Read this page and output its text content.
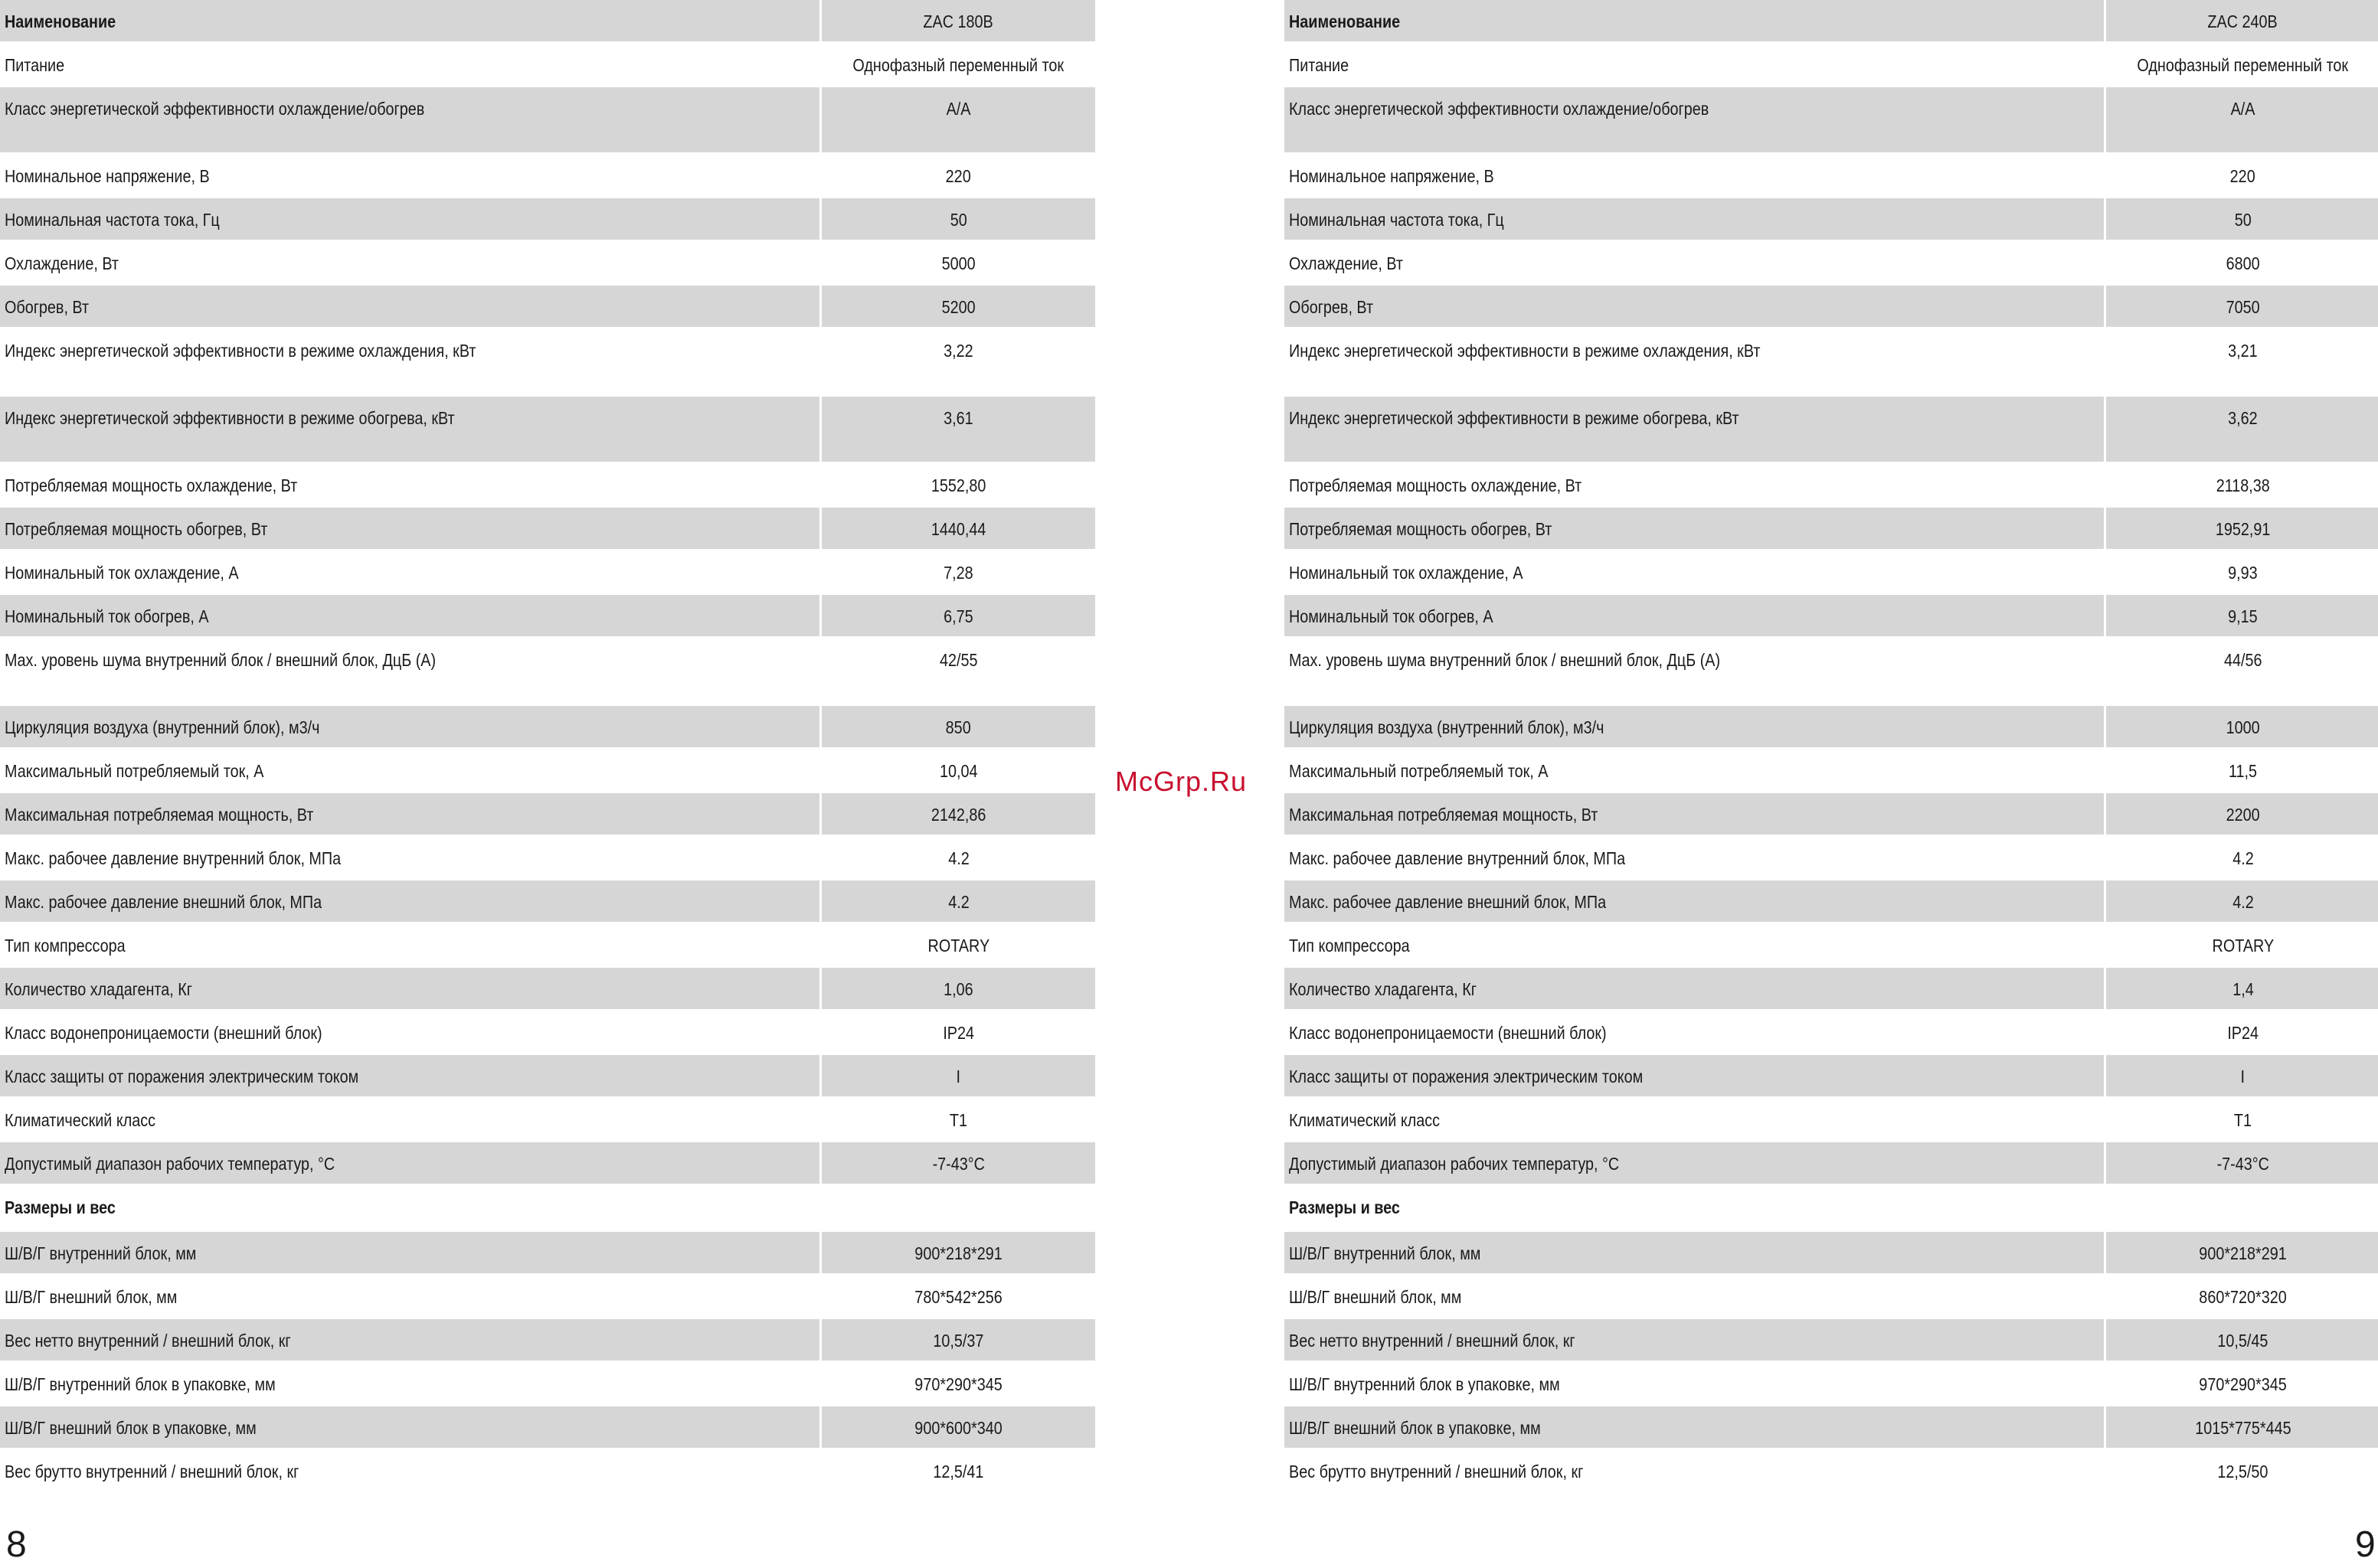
Наименование	ZAC 180B
Питание	Однофазный переменный ток
Класс энергетической эффективности охлаждение/обогрев	A/A
Номинальное напряжение, В	220
Номинальная частота тока, Гц	50
Охлаждение, Вт	5000
Обогрев, Вт	5200
Индекс энергетической эффективности в режиме охлаждения, кВт	3,22
Индекс энергетической эффективности в режиме обогрева, кВт	3,61
Потребляемая мощность охлаждение, Вт	1552,80
Потребляемая мощность обогрев, Вт	1440,44
Номинальный ток охлаждение, А	7,28
Номинальный ток обогрев, А	6,75
Max. уровень шума внутренний блок / внешний блок, ДцБ (А)	42/55
Циркуляция воздуха (внутренний блок), м3/ч	850
Максимальный потребляемый ток, А	10,04
Максимальная потребляемая мощность, Вт	2142,86
Макс. рабочее давление внутренний блок, МПа	4.2
Макс. рабочее давление внешний блок, МПа	4.2
Тип компрессора	ROTARY
Количество хладагента, Кг	1,06
Класс водонепроницаемости (внешний блок)	IP24
Класс защиты от поражения электрическим током	I
Климатический класс	T1
Допустимый диапазон рабочих температур, °С	-7-43°С
Размеры и вес	
Ш/В/Г внутренний блок, мм	900*218*291
Ш/В/Г внешний блок, мм	780*542*256
Вес нетто внутренний / внешний блок, кг	10,5/37
Ш/В/Г внутренний блок в упаковке, мм	970*290*345
Ш/В/Г внешний блок в упаковке, мм	900*600*340
Вес брутто внутренний / внешний блок, кг	12,5/41
McGrp.Ru
Наименование	ZAC 240B
Питание	Однофазный переменный ток
Класс энергетической эффективности охлаждение/обогрев	A/A
Номинальное напряжение, В	220
Номинальная частота тока, Гц	50
Охлаждение, Вт	6800
Обогрев, Вт	7050
Индекс энергетической эффективности в режиме охлаждения, кВт	3,21
Индекс энергетической эффективности в режиме обогрева, кВт	3,62
Потребляемая мощность охлаждение, Вт	2118,38
Потребляемая мощность обогрев, Вт	1952,91
Номинальный ток охлаждение, А	9,93
Номинальный ток обогрев, А	9,15
Max. уровень шума внутренний блок / внешний блок, ДцБ (А)	44/56
Циркуляция воздуха (внутренний блок), м3/ч	1000
Максимальный потребляемый ток, А	11,5
Максимальная потребляемая мощность, Вт	2200
Макс. рабочее давление внутренний блок, МПа	4.2
Макс. рабочее давление внешний блок, МПа	4.2
Тип компрессора	ROTARY
Количество хладагента, Кг	1,4
Класс водонепроницаемости (внешний блок)	IP24
Класс защиты от поражения электрическим током	I
Климатический класс	T1
Допустимый диапазон рабочих температур, °С	-7-43°С
Размеры и вес	
Ш/В/Г внутренний блок, мм	900*218*291
Ш/В/Г внешний блок, мм	860*720*320
Вес нетто внутренний / внешний блок, кг	10,5/45
Ш/В/Г внутренний блок в упаковке, мм	970*290*345
Ш/В/Г внешний блок в упаковке, мм	1015*775*445
Вес брутто внутренний / внешний блок, кг	12,5/50
8	9
